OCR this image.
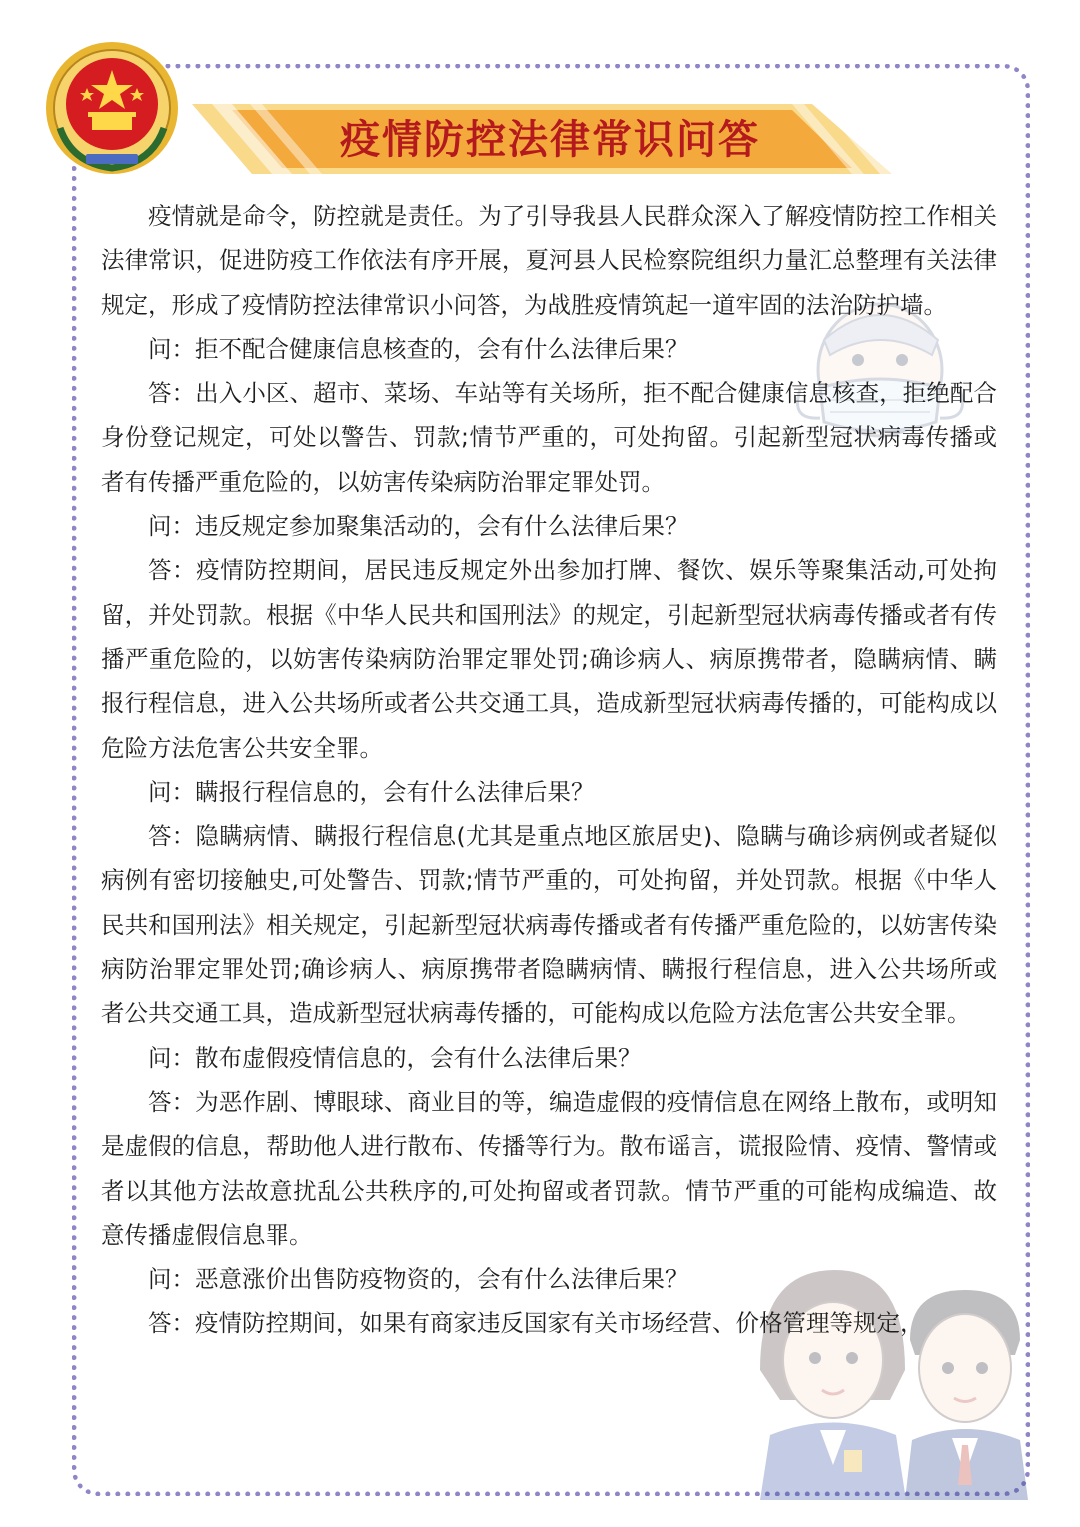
疫情防控法律常识问答

疫情就是命令，防控就是责任。为了引导我县人民群众深入了解疫情防控工作相关法律常识，促进防疫工作依法有序开展，夏河县人民检察院组织力量汇总整理有关法律规定，形成了疫情防控法律常识小问答，为战胜疫情筑起一道牢固的法治防护墙。

问：拒不配合健康信息核查的，会有什么法律后果？

答：出入小区、超市、菜场、车站等有关场所，拒不配合健康信息核查，拒绝配合身份登记规定，可处以警告、罚款;情节严重的，可处拘留。引起新型冠状病毒传播或者有传播严重危险的，以妨害传染病防治罪定罪处罚。

问：违反规定参加聚集活动的，会有什么法律后果？

答：疫情防控期间，居民违反规定外出参加打牌、餐饮、娱乐等聚集活动,可处拘留，并处罚款。根据《中华人民共和国刑法》的规定，引起新型冠状病毒传播或者有传播严重危险的，以妨害传染病防治罪定罪处罚;确诊病人、病原携带者，隐瞒病情、瞒报行程信息，进入公共场所或者公共交通工具，造成新型冠状病毒传播的，可能构成以危险方法危害公共安全罪。

问：瞒报行程信息的，会有什么法律后果？

答：隐瞒病情、瞒报行程信息(尤其是重点地区旅居史)、隐瞒与确诊病例或者疑似病例有密切接触史,可处警告、罚款;情节严重的，可处拘留，并处罚款。根据《中华人民共和国刑法》相关规定，引起新型冠状病毒传播或者有传播严重危险的，以妨害传染病防治罪定罪处罚;确诊病人、病原携带者隐瞒病情、瞒报行程信息，进入公共场所或者公共交通工具，造成新型冠状病毒传播的，可能构成以危险方法危害公共安全罪。

问：散布虚假疫情信息的，会有什么法律后果？

答：为恶作剧、博眼球、商业目的等，编造虚假的疫情信息在网络上散布，或明知是虚假的信息，帮助他人进行散布、传播等行为。散布谣言，谎报险情、疫情、警情或者以其他方法故意扰乱公共秩序的,可处拘留或者罚款。情节严重的可能构成编造、故意传播虚假信息罪。

问：恶意涨价出售防疫物资的，会有什么法律后果？

答：疫情防控期间，如果有商家违反国家有关市场经营、价格管理等规定，
